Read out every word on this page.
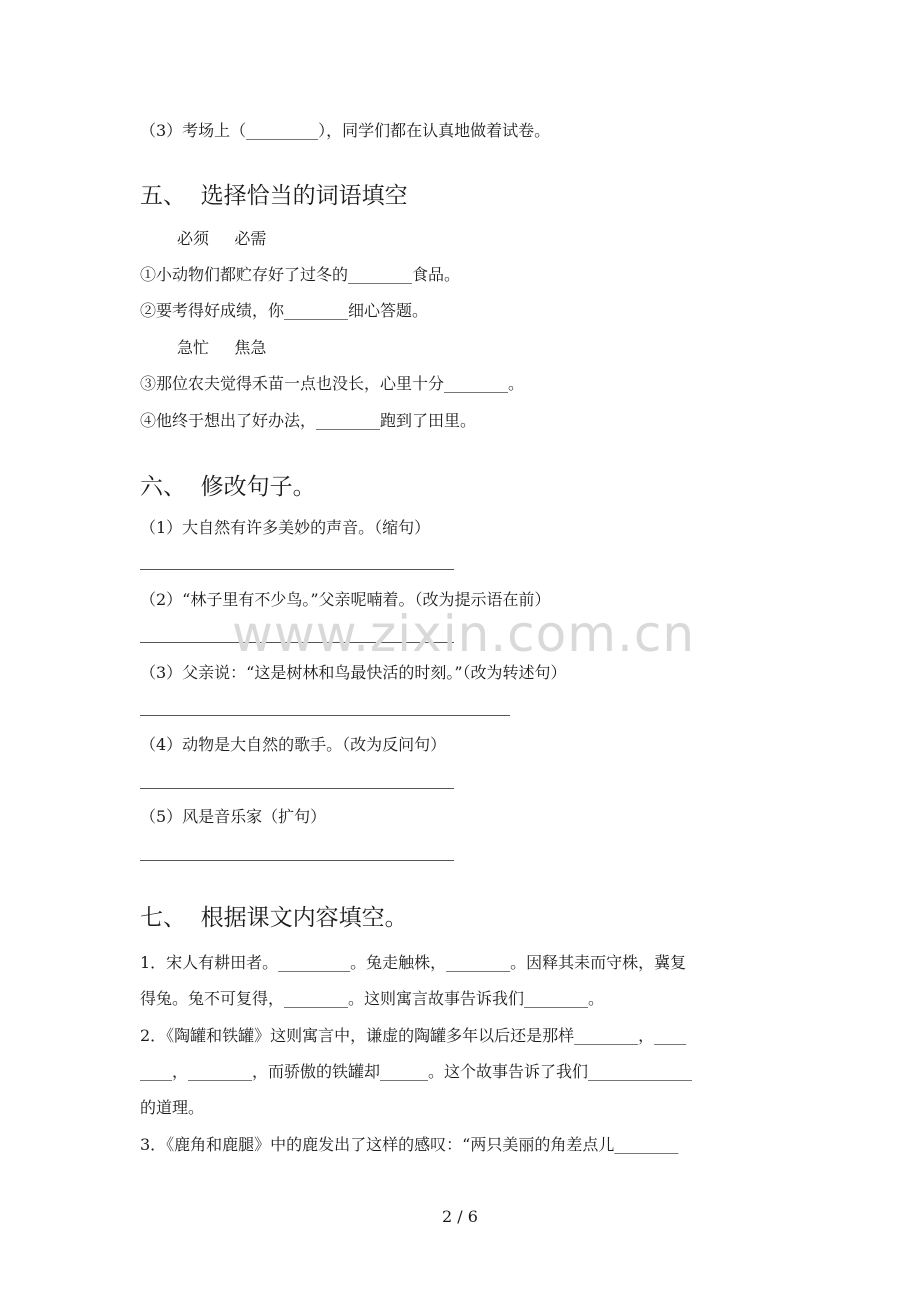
（3）考场上（_________），同学们都在认真地做着试卷。
五、  选择恰当的词语填空
必须     必需
①小动物们都贮存好了过冬的________食品。
②要考得好成绩，你________细心答题。
急忙     焦急
③那位农夫觉得禾苗一点也没长，心里十分________。
④他终于想出了好办法，________跑到了田里。
六、  修改句子。
（1）大自然有许多美妙的声音。（缩句）
（2）“林子里有不少鸟。”父亲呢喃着。（改为提示语在前）
（3）父亲说：“这是树林和鸟最快活的时刻。”（改为转述句）
（4）动物是大自然的歌手。（改为反问句）
（5）风是音乐家（扩句）
七、  根据课文内容填空。
1．宋人有耕田者。_________。兔走触株，________。因释其耒而守株，冀复
得兔。兔不可复得，________。这则寓言故事告诉我们________。
2．《陶罐和铁罐》这则寓言中，谦虚的陶罐多年以后还是那样________，____
____，________，而骄傲的铁罐却______。这个故事告诉了我们_____________
的道理。
3．《鹿角和鹿腿》中的鹿发出了这样的感叹：“两只美丽的角差点儿________
www.zixin.com.cn
2 / 6
